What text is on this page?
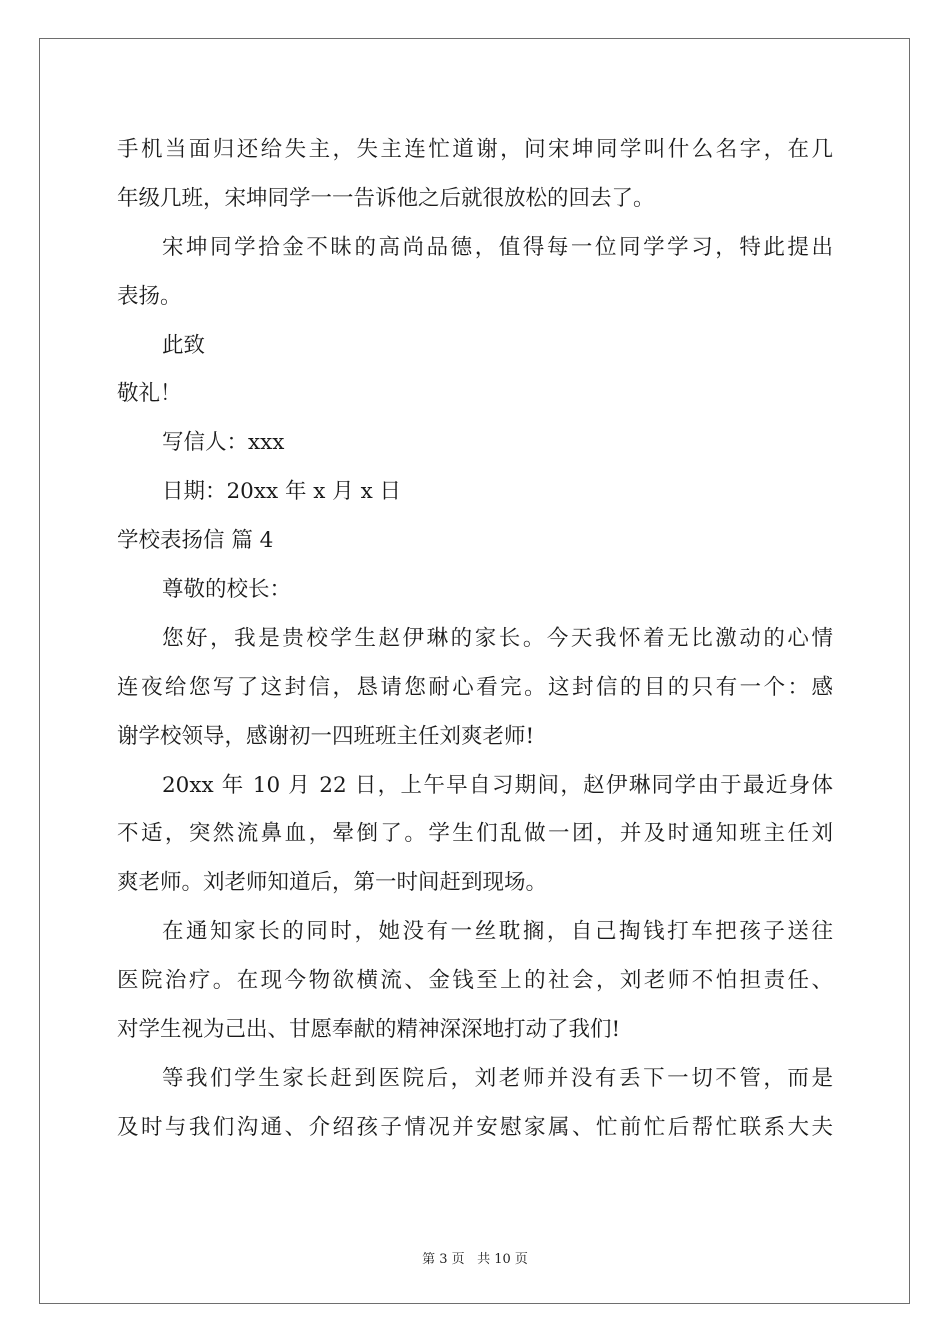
手机当面归还给失主，失主连忙道谢，问宋坤同学叫什么名字，在几
年级几班，宋坤同学一一告诉他之后就很放松的回去了。
宋坤同学拾金不昧的高尚品德，值得每一位同学学习，特此提出
表扬。
此致
敬礼！
写信人：xxx
日期：20xx 年 x 月 x 日
学校表扬信 篇 4
尊敬的校长：
您好，我是贵校学生赵伊琳的家长。今天我怀着无比激动的心情
连夜给您写了这封信，恳请您耐心看完。这封信的目的只有一个：感
谢学校领导，感谢初一四班班主任刘爽老师!
20xx 年 10 月 22 日，上午早自习期间，赵伊琳同学由于最近身体
不适，突然流鼻血，晕倒了。学生们乱做一团，并及时通知班主任刘
爽老师。刘老师知道后，第一时间赶到现场。
在通知家长的同时，她没有一丝耽搁，自己掏钱打车把孩子送往
医院治疗。在现今物欲横流、金钱至上的社会，刘老师不怕担责任、
对学生视为己出、甘愿奉献的精神深深地打动了我们!
等我们学生家长赶到医院后，刘老师并没有丢下一切不管，而是
及时与我们沟通、介绍孩子情况并安慰家属、忙前忙后帮忙联系大夫
第 3 页 共 10 页
